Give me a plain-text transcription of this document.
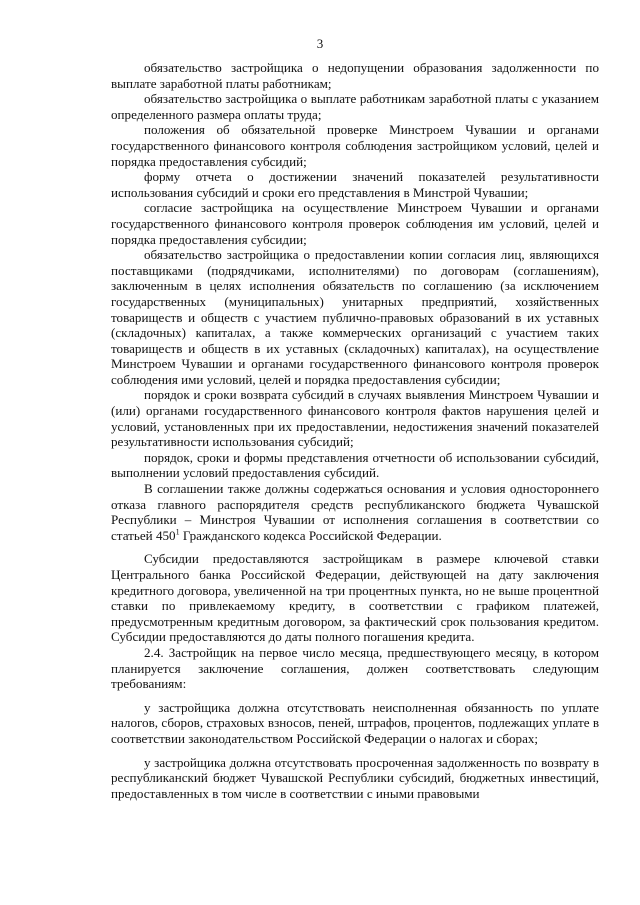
3

обязательство застройщика о недопущении образования задолженности по выплате заработной платы работникам;

обязательство застройщика о выплате работникам заработной платы с указанием определенного размера оплаты труда;

положения об обязательной проверке Минстроем Чувашии и органами государственного финансового контроля соблюдения застройщиком условий, целей и порядка предоставления субсидий;

форму отчета о достижении значений показателей результативности использования субсидий и сроки его представления в Минстрой Чувашии;

согласие застройщика на осуществление Минстроем Чувашии и органами государственного финансового контроля проверок соблюдения им условий, целей и порядка предоставления субсидии;

обязательство застройщика о предоставлении копии согласия лиц, являющихся поставщиками (подрядчиками, исполнителями) по договорам (соглашениям), заключенным в целях исполнения обязательств по соглашению (за исключением государственных (муниципальных) унитарных предприятий, хозяйственных товариществ и обществ с участием публично-правовых образований в их уставных (складочных) капиталах, а также коммерческих организаций с участием таких товариществ и обществ в их уставных (складочных) капиталах), на осуществление Минстроем Чувашии и органами государственного финансового контроля проверок соблюдения ими условий, целей и порядка предоставления субсидии;

порядок и сроки возврата субсидий в случаях выявления Минстроем Чувашии и (или) органами государственного финансового контроля фактов нарушения целей и условий, установленных при их предоставлении, недостижения значений показателей результативности использования субсидий;

порядок, сроки и формы представления отчетности об использовании субсидий, выполнении условий предоставления субсидий.

В соглашении также должны содержаться основания и условия одностороннего отказа главного распорядителя средств республиканского бюджета Чувашской Республики – Минстроя Чувашии от исполнения соглашения в соответствии со статьей $450^1$ Гражданского кодекса Российской Федерации.

Субсидии предоставляются застройщикам в размере ключевой ставки Центрального банка Российской Федерации, действующей на дату заключения кредитного договора, увеличенной на три процентных пункта, но не выше процентной ставки по привлекаемому кредиту, в соответствии с графиком платежей, предусмотренным кредитным договором, за фактический срок пользования кредитом. Субсидии предоставляются до даты полного погашения кредита.

2.4. Застройщик на первое число месяца, предшествующего месяцу, в котором планируется заключение соглашения, должен соответствовать следующим требованиям:

у застройщика должна отсутствовать неисполненная обязанность по уплате налогов, сборов, страховых взносов, пеней, штрафов, процентов, подлежащих уплате в соответствии законодательством Российской Федерации о налогах и сборах;

у застройщика должна отсутствовать просроченная задолженность по возврату в республиканский бюджет Чувашской Республики субсидий, бюджетных инвестиций, предоставленных в том числе в соответствии с иными правовыми
